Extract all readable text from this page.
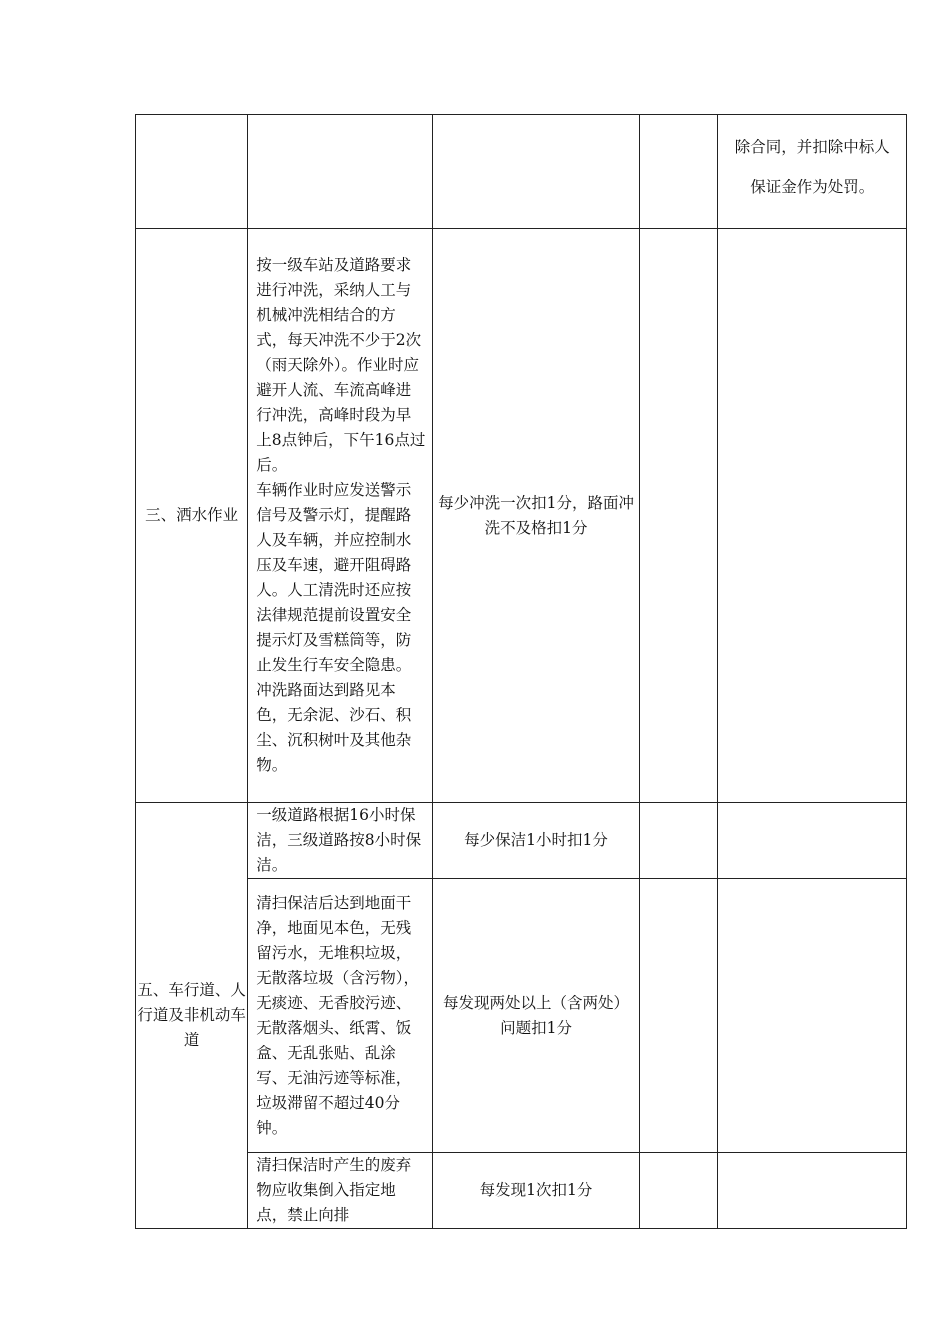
				除合同，并扣除中标人
保证金作为处罚。

三、洒水作业	按一级车站及道路要求进行冲洗，采纳人工与机械冲洗相结合的方式，每天冲洗不少于2次（雨天除外）。作业时应避开人流、车流高峰进行冲洗，高峰时段为早上8点钟后，下午16点过后。
车辆作业时应发送警示信号及警示灯，提醒路人及车辆，并应控制水压及车速，避开阻碍路人。人工清洗时还应按法律规范提前设置安全提示灯及雪糕筒等，防止发生行车安全隐患。冲洗路面达到路见本色，无余泥、沙石、积尘、沉积树叶及其他杂物。	每少冲洗一次扣1分，路面冲洗不及格扣1分		
五、车行道、人行道及非机动车道	一级道路根据16小时保洁，三级道路按8小时保洁。	每少保洁1小时扣1分		
	清扫保洁后达到地面干净，地面见本色，无残留污水，无堆积垃圾，无散落垃圾（含污物），无痰迹、无香胶污迹、无散落烟头、纸霄、饭盒、无乱张贴、乱涂写、无油污迹等标准，垃圾滞留不超过40分钟。	每发现两处以上（含两处）问题扣1分		
	清扫保洁时产生的废弃物应收集倒入指定地点，禁止向排	每发现1次扣1分		
